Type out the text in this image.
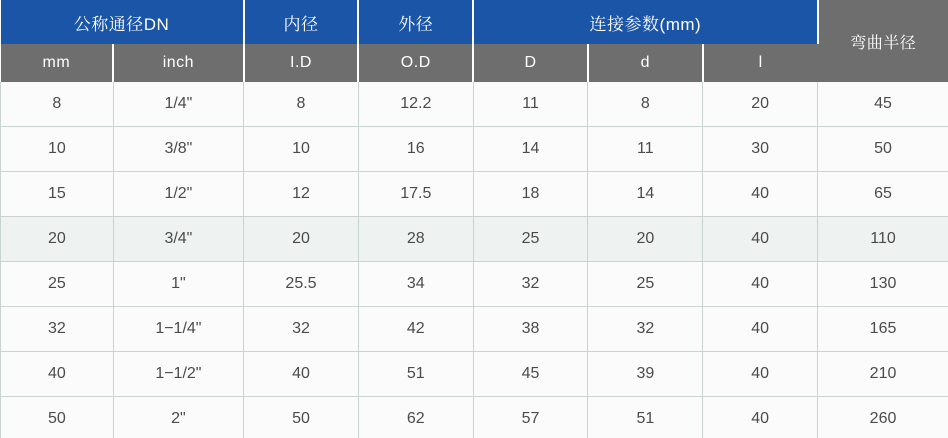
公称通径DN		内径	外径	连接参数(mm)			弯曲半径
mm	inch	I.D	O.D	D	d	l	
8	1/4"	8	12.2	11	8	20	45
10	3/8"	10	16	14	11	30	50
15	1/2"	12	17.5	18	14	40	65
20	3/4"	20	28	25	20	40	110
25	1"	25.5	34	32	25	40	130
32	1−1/4"	32	42	38	32	40	165
40	1−1/2"	40	51	45	39	40	210
50	2"	50	62	57	51	40	260
